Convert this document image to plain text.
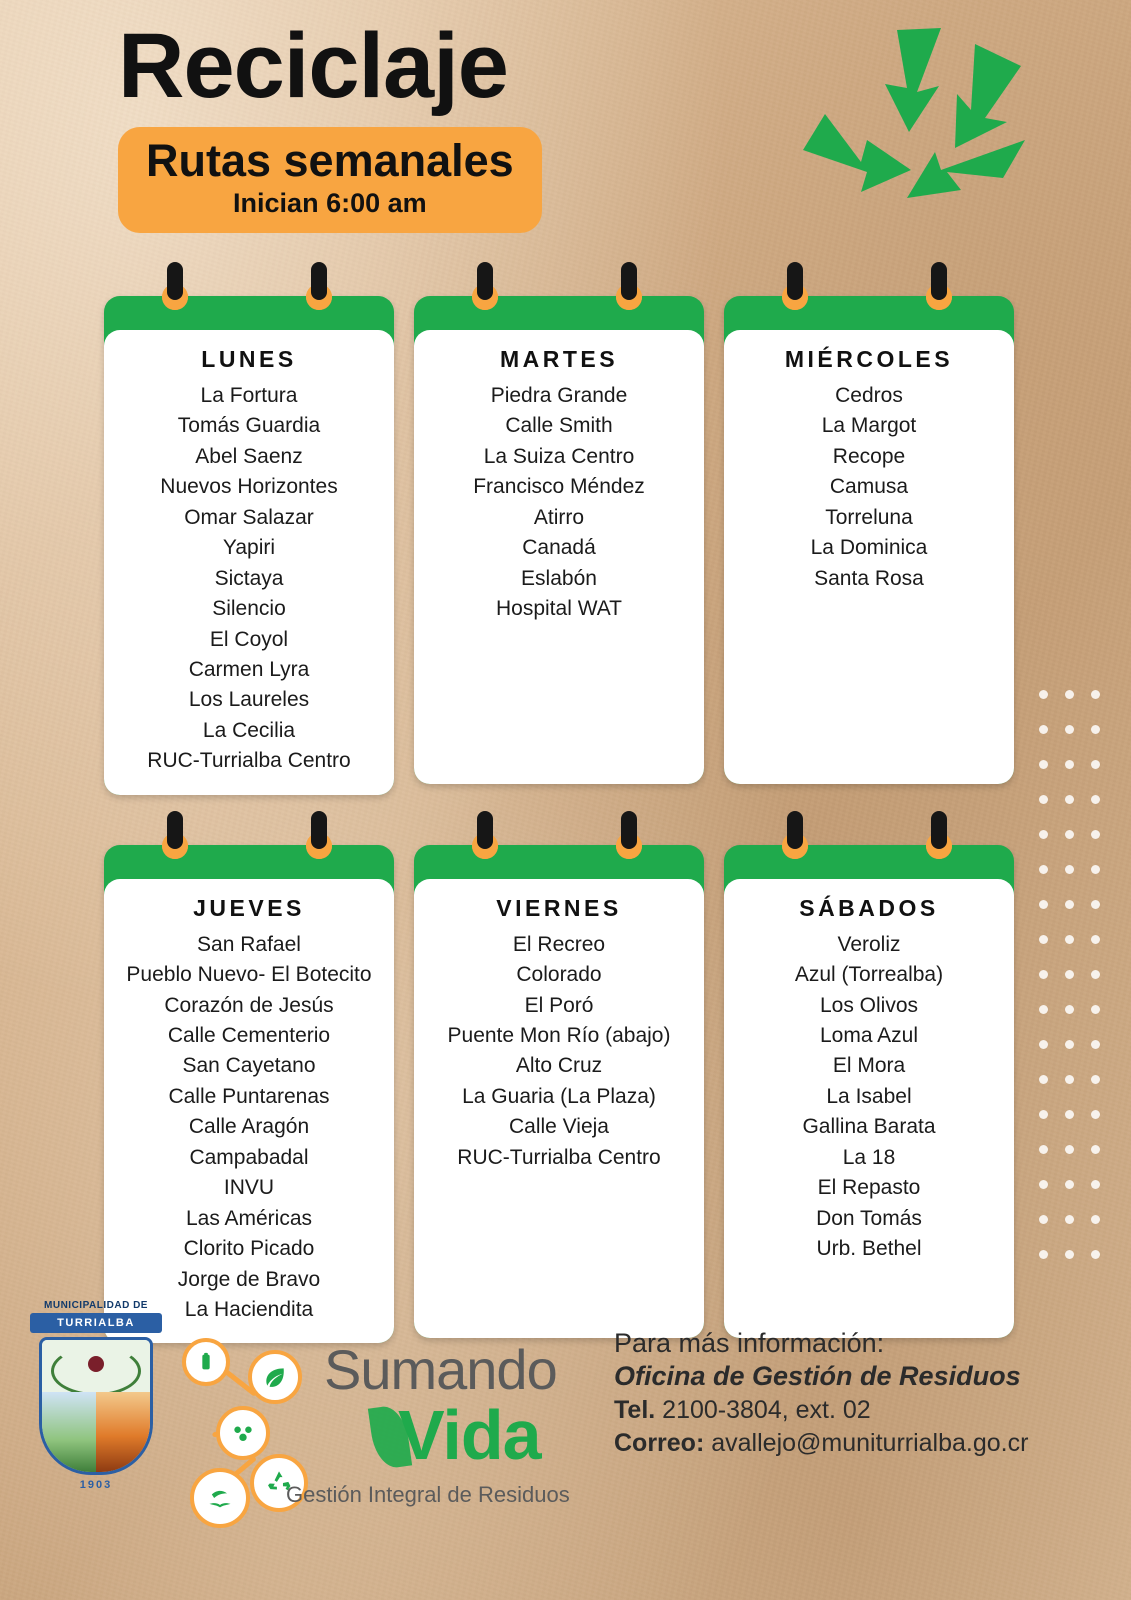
Reciclaje

Rutas semanales

Inician 6:00 am

LUNES

La Fortura
Tomás Guardia
Abel Saenz
Nuevos Horizontes
Omar Salazar
Yapiri
Sictaya
Silencio
El Coyol
Carmen Lyra
Los Laureles
La Cecilia
RUC-Turrialba Centro

MARTES

Piedra Grande
Calle Smith
La Suiza Centro
Francisco Méndez
Atirro
Canadá
Eslabón
Hospital WAT

MIÉRCOLES

Cedros
La Margot
Recope
Camusa
Torreluna
La Dominica
Santa Rosa

JUEVES

San Rafael
Pueblo Nuevo- El Botecito
Corazón de Jesús
Calle Cementerio
San Cayetano
Calle Puntarenas
Calle Aragón
Campabadal
INVU
Las Américas
Clorito Picado
Jorge de Bravo
La Haciendita

VIERNES

El Recreo
Colorado
El Poró
Puente Mon Río (abajo)
Alto Cruz
La Guaria (La Plaza)
Calle Vieja
RUC-Turrialba Centro

SÁBADOS

Veroliz
Azul (Torrealba)
Los Olivos
Loma Azul
El Mora
La Isabel
Gallina Barata
La 18
El Repasto
Don Tomás
Urb. Bethel
MUNICIPALIDAD DE
TURRIALBA
1903
Sumando
Vida
Gestión Integral de Residuos

Para más información:

Oficina de Gestión de Residuos

Tel. 2100-3804, ext. 02

Correo: avallejo@muniturrialba.go.cr
